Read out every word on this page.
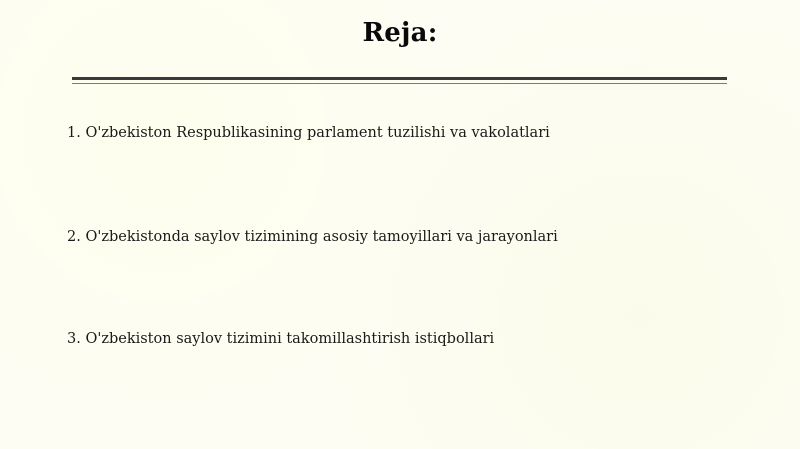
Reja:
1. O'zbekiston Respublikasining parlament tuzilishi va vakolatlari
2. O'zbekistonda saylov tizimining asosiy tamoyillari va jarayonlari
3. O'zbekiston saylov tizimini takomillashtirish istiqbollari
